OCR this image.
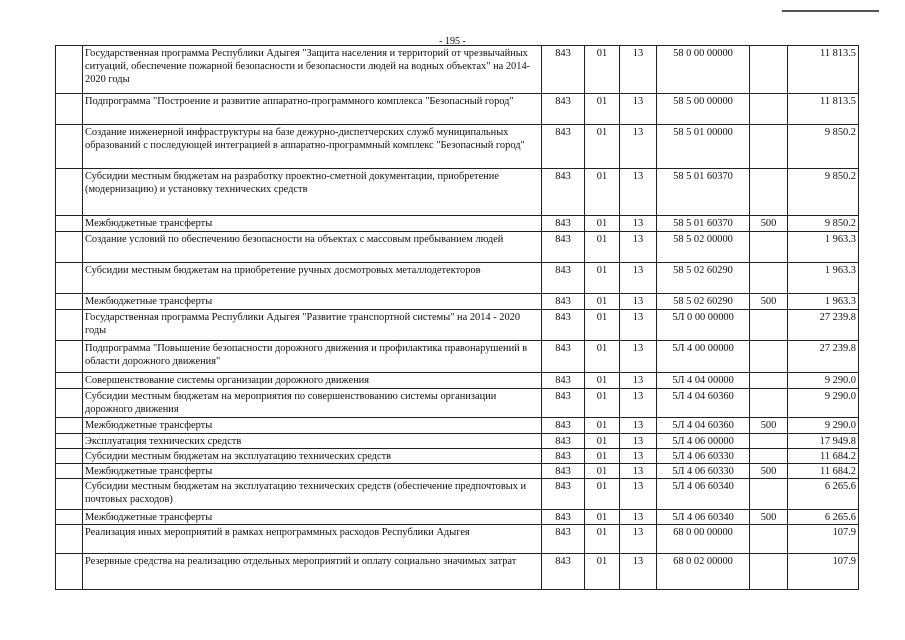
- 195 -
	Государственная программа Республики Адыгея "Защита населения и территорий от чрезвычайных ситуаций, обеспечение пожарной безопасности и безопасности людей на водных объектах" на 2014-2020 годы	843	01	13	58 0 00 00000		11 813.5
	Подпрограмма "Построение и развитие аппаратно-программного комплекса "Безопасный город"	843	01	13	58 5 00 00000		11 813.5
	Создание инженерной инфраструктуры на базе дежурно-диспетчерских служб муниципальных образований с последующей интеграцией в аппаратно-программный комплекс "Безопасный город"	843	01	13	58 5 01 00000		9 850.2
	Субсидии местным бюджетам на разработку проектно-сметной документации, приобретение (модернизацию) и установку технических средств	843	01	13	58 5 01 60370		9 850.2
	Межбюджетные трансферты	843	01	13	58 5 01 60370	500	9 850.2
	Создание условий по обеспечению безопасности на объектах с массовым пребыванием людей	843	01	13	58 5 02 00000		1 963.3
	Субсидии местным бюджетам на приобретение ручных досмотровых металлодетекторов	843	01	13	58 5 02 60290		1 963.3
	Межбюджетные трансферты	843	01	13	58 5 02 60290	500	1 963.3
	Государственная программа Республики Адыгея "Развитие транспортной системы" на 2014 - 2020 годы	843	01	13	5Л 0 00 00000		27 239.8
	Подпрограмма "Повышение безопасности дорожного движения и профилактика правонарушений в области дорожного движения"	843	01	13	5Л 4 00 00000		27 239.8
	Совершенствование системы организации дорожного движения	843	01	13	5Л 4 04 00000		9 290.0
	Субсидии местным бюджетам на мероприятия по совершенствованию системы организации дорожного движения	843	01	13	5Л 4 04 60360		9 290.0
	Межбюджетные трансферты	843	01	13	5Л 4 04 60360	500	9 290.0
	Эксплуатация технических средств	843	01	13	5Л 4 06 00000		17 949.8
	Субсидии местным бюджетам на эксплуатацию технических средств	843	01	13	5Л 4 06 60330		11 684.2
	Межбюджетные трансферты	843	01	13	5Л 4 06 60330	500	11 684.2
	Субсидии местным бюджетам на эксплуатацию технических средств (обеспечение предпочтовых и почтовых расходов)	843	01	13	5Л 4 06 60340		6 265.6
	Межбюджетные трансферты	843	01	13	5Л 4 06 60340	500	6 265.6
	Реализация иных мероприятий в рамках непрограммных расходов Республики Адыгея	843	01	13	68 0 00 00000		107.9
	Резервные средства на реализацию отдельных мероприятий и оплату социально значимых затрат	843	01	13	68 0 02 00000		107.9
